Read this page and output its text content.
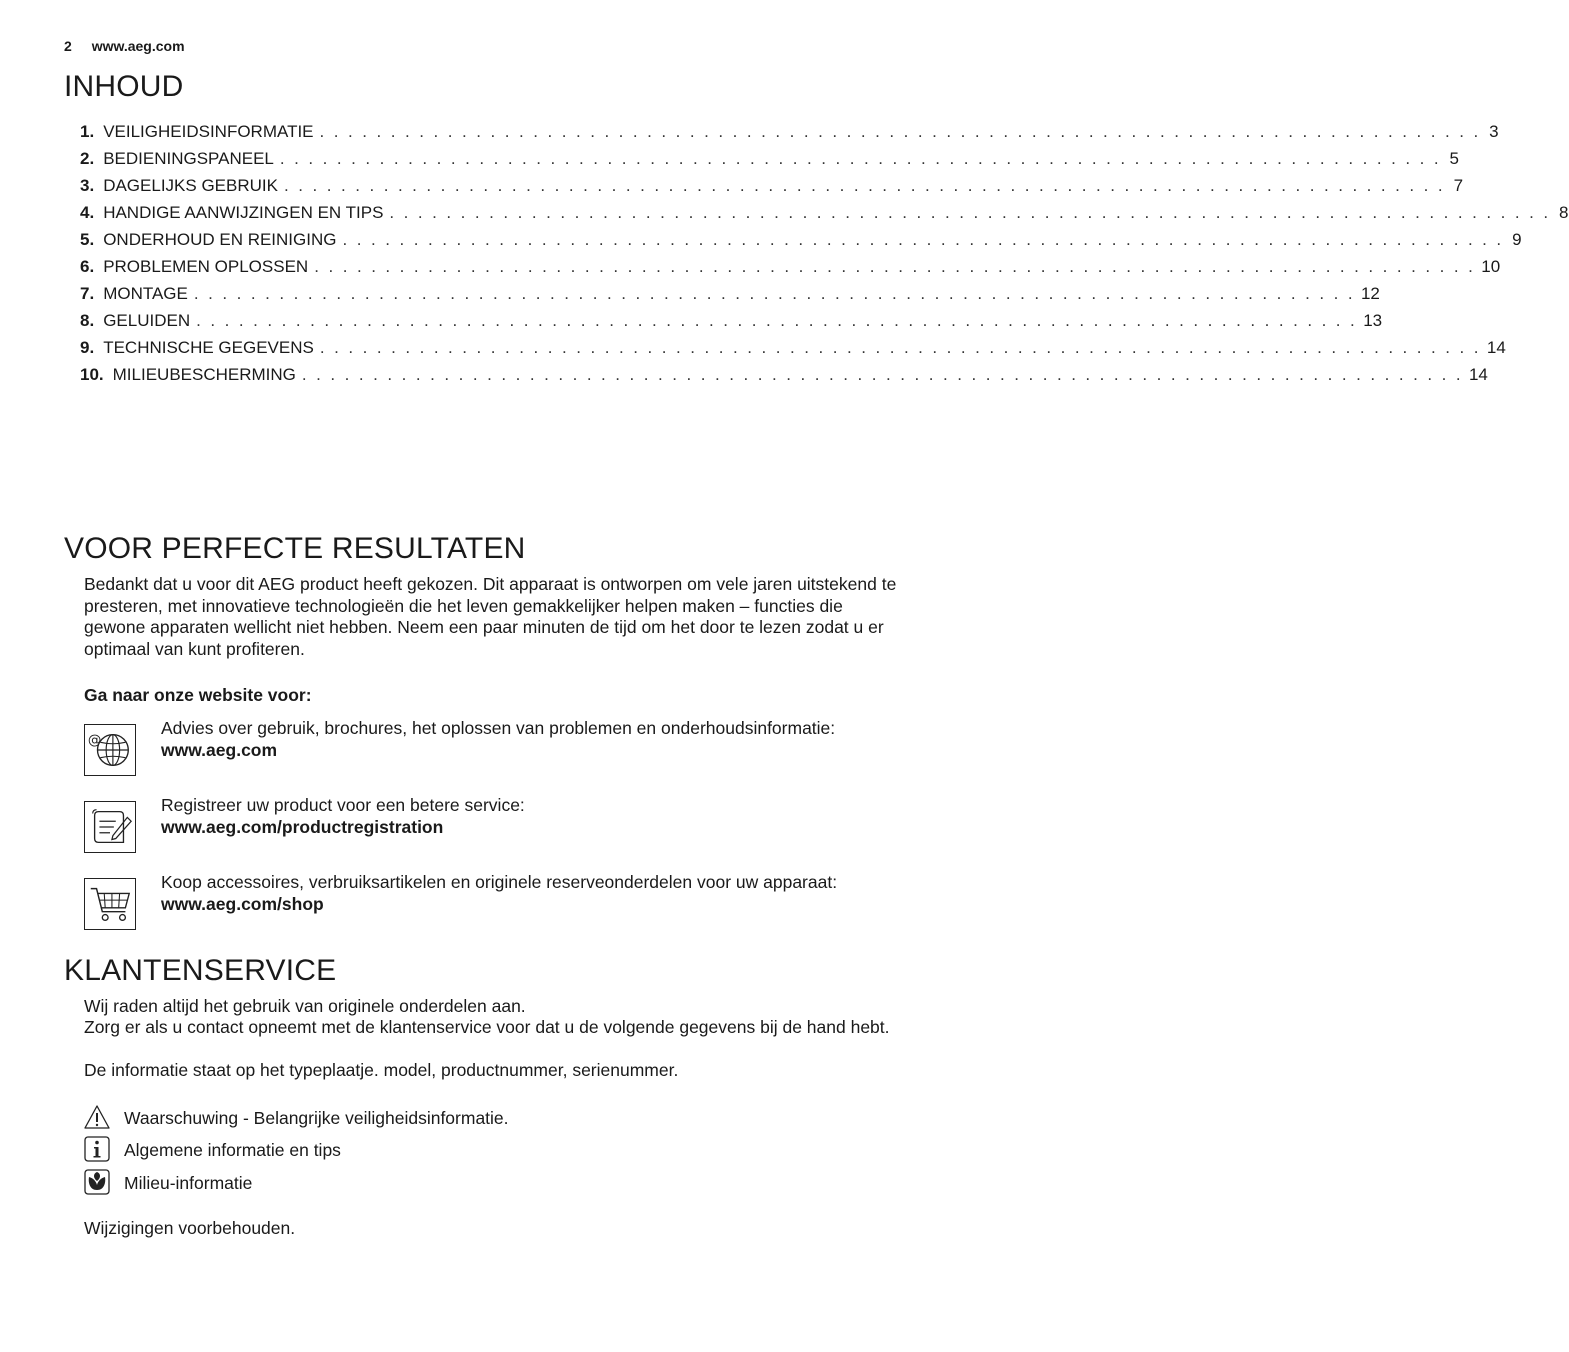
2 www.aeg.com
INHOUD
1. VEILIGHEIDSINFORMATIE . . . . . . . . . . . . . . . . . . . . . . . . . . . . . . . . . . . . . . . . . . . . . . . . . . . . . . . . . . . . . . . . . . . . . . . . . . . . . . . . . . 3
2. BEDIENINGSPANEEL . . . . . . . . . . . . . . . . . . . . . . . . . . . . . . . . . . . . . . . . . . . . . . . . . . . . . . . . . . . . . . . . . . . . . . . . . . . . . . . . . . 5
3. DAGELIJKS GEBRUIK . . . . . . . . . . . . . . . . . . . . . . . . . . . . . . . . . . . . . . . . . . . . . . . . . . . . . . . . . . . . . . . . . . . . . . . . . . . . . . . . . . 7
4. HANDIGE AANWIJZINGEN EN TIPS . . . . . . . . . . . . . . . . . . . . . . . . . . . . . . . . . . . . . . . . . . . . . . . . . . . . . . . . . . . . . . . . . . . . . . . . . . . . . . . . . . 8
5. ONDERHOUD EN REINIGING . . . . . . . . . . . . . . . . . . . . . . . . . . . . . . . . . . . . . . . . . . . . . . . . . . . . . . . . . . . . . . . . . . . . . . . . . . . . . . . . . . 9
6. PROBLEMEN OPLOSSEN . . . . . . . . . . . . . . . . . . . . . . . . . . . . . . . . . . . . . . . . . . . . . . . . . . . . . . . . . . . . . . . . . . . . . . . . . . . . . . . . . . 10
7. MONTAGE . . . . . . . . . . . . . . . . . . . . . . . . . . . . . . . . . . . . . . . . . . . . . . . . . . . . . . . . . . . . . . . . . . . . . . . . . . . . . . . . . . 12
8. GELUIDEN . . . . . . . . . . . . . . . . . . . . . . . . . . . . . . . . . . . . . . . . . . . . . . . . . . . . . . . . . . . . . . . . . . . . . . . . . . . . . . . . . . 13
9. TECHNISCHE GEGEVENS . . . . . . . . . . . . . . . . . . . . . . . . . . . . . . . . . . . . . . . . . . . . . . . . . . . . . . . . . . . . . . . . . . . . . . . . . . . . . . . . . . 14
10. MILIEUBESCHERMING . . . . . . . . . . . . . . . . . . . . . . . . . . . . . . . . . . . . . . . . . . . . . . . . . . . . . . . . . . . . . . . . . . . . . . . . . . . . . . . . . . 14
VOOR PERFECTE RESULTATEN

Bedankt dat u voor dit AEG product heeft gekozen. Dit apparaat is ontworpen om vele jaren uitstekend te presteren, met innovatieve technologieën die het leven gemakkelijker helpen maken – functies die gewone apparaten wellicht niet hebben. Neem een paar minuten de tijd om het door te lezen zodat u er optimaal van kunt profiteren.

Ga naar onze website voor:

@
Advies over gebruik, brochures, het oplossen van problemen en onderhoudsinformatie:
www.aeg.com
Registreer uw product voor een betere service:
www.aeg.com/productregistration
Koop accessoires, verbruiksartikelen en originele reserveonderdelen voor uw apparaat:
www.aeg.com/shop
KLANTENSERVICE

Wij raden altijd het gebruik van originele onderdelen aan.

Zorg er als u contact opneemt met de klantenservice voor dat u de volgende gegevens bij de hand hebt.

De informatie staat op het typeplaatje. model, productnummer, serienummer.

Waarschuwing - Belangrijke veiligheidsinformatie.
Algemene informatie en tips
Milieu-informatie

Wijzigingen voorbehouden.
